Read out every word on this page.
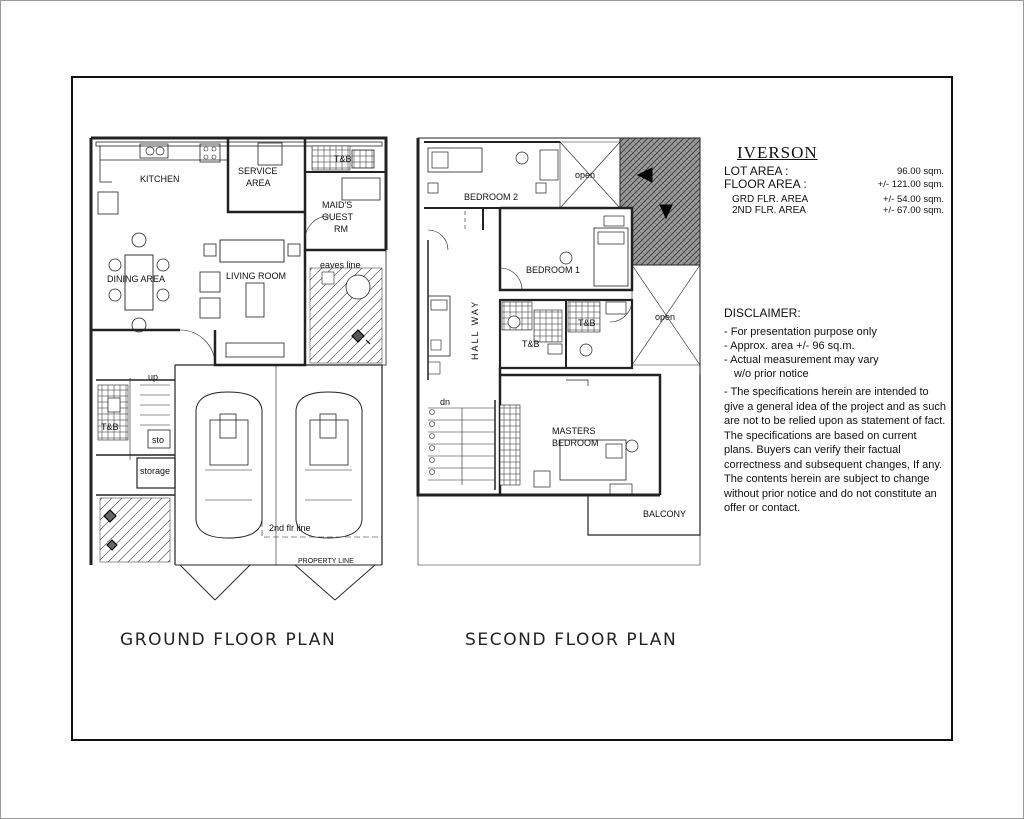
KITCHEN
SERVICE
AREA
T&B
MAID'S
GUEST
RM
DINING AREA	LIVING ROOM
eaves line
up
T&B
sto
storage
2nd flr line
PROPERTY LINE
BEDROOM 2
open
BEDROOM 1
HALL WAY	T&B
T&B
open
dn
MASTERS
BEDROOM
BALCONY
GROUND FLOOR PLAN	SECOND FLOOR PLAN
IVERSON
LOT AREA :	96.00 sqm.
FLOOR AREA :	+/- 121.00 sqm.
GRD FLR. AREA	+/- 54.00 sqm.
2ND FLR. AREA	+/- 67.00 sqm.
DISCLAIMER:
- For presentation purpose only
- Approx. area +/- 96 sq.m.
- Actual measurement may vary
w/o prior notice
- The specifications herein are intended to give a general idea of the project and as such are not to be relied upon as statement of fact. The specifications are based on current plans. Buyers can verify their factual correctness and subsequent changes, If any. The contents herein are subject to change without prior notice and do not constitute an offer or contact.
